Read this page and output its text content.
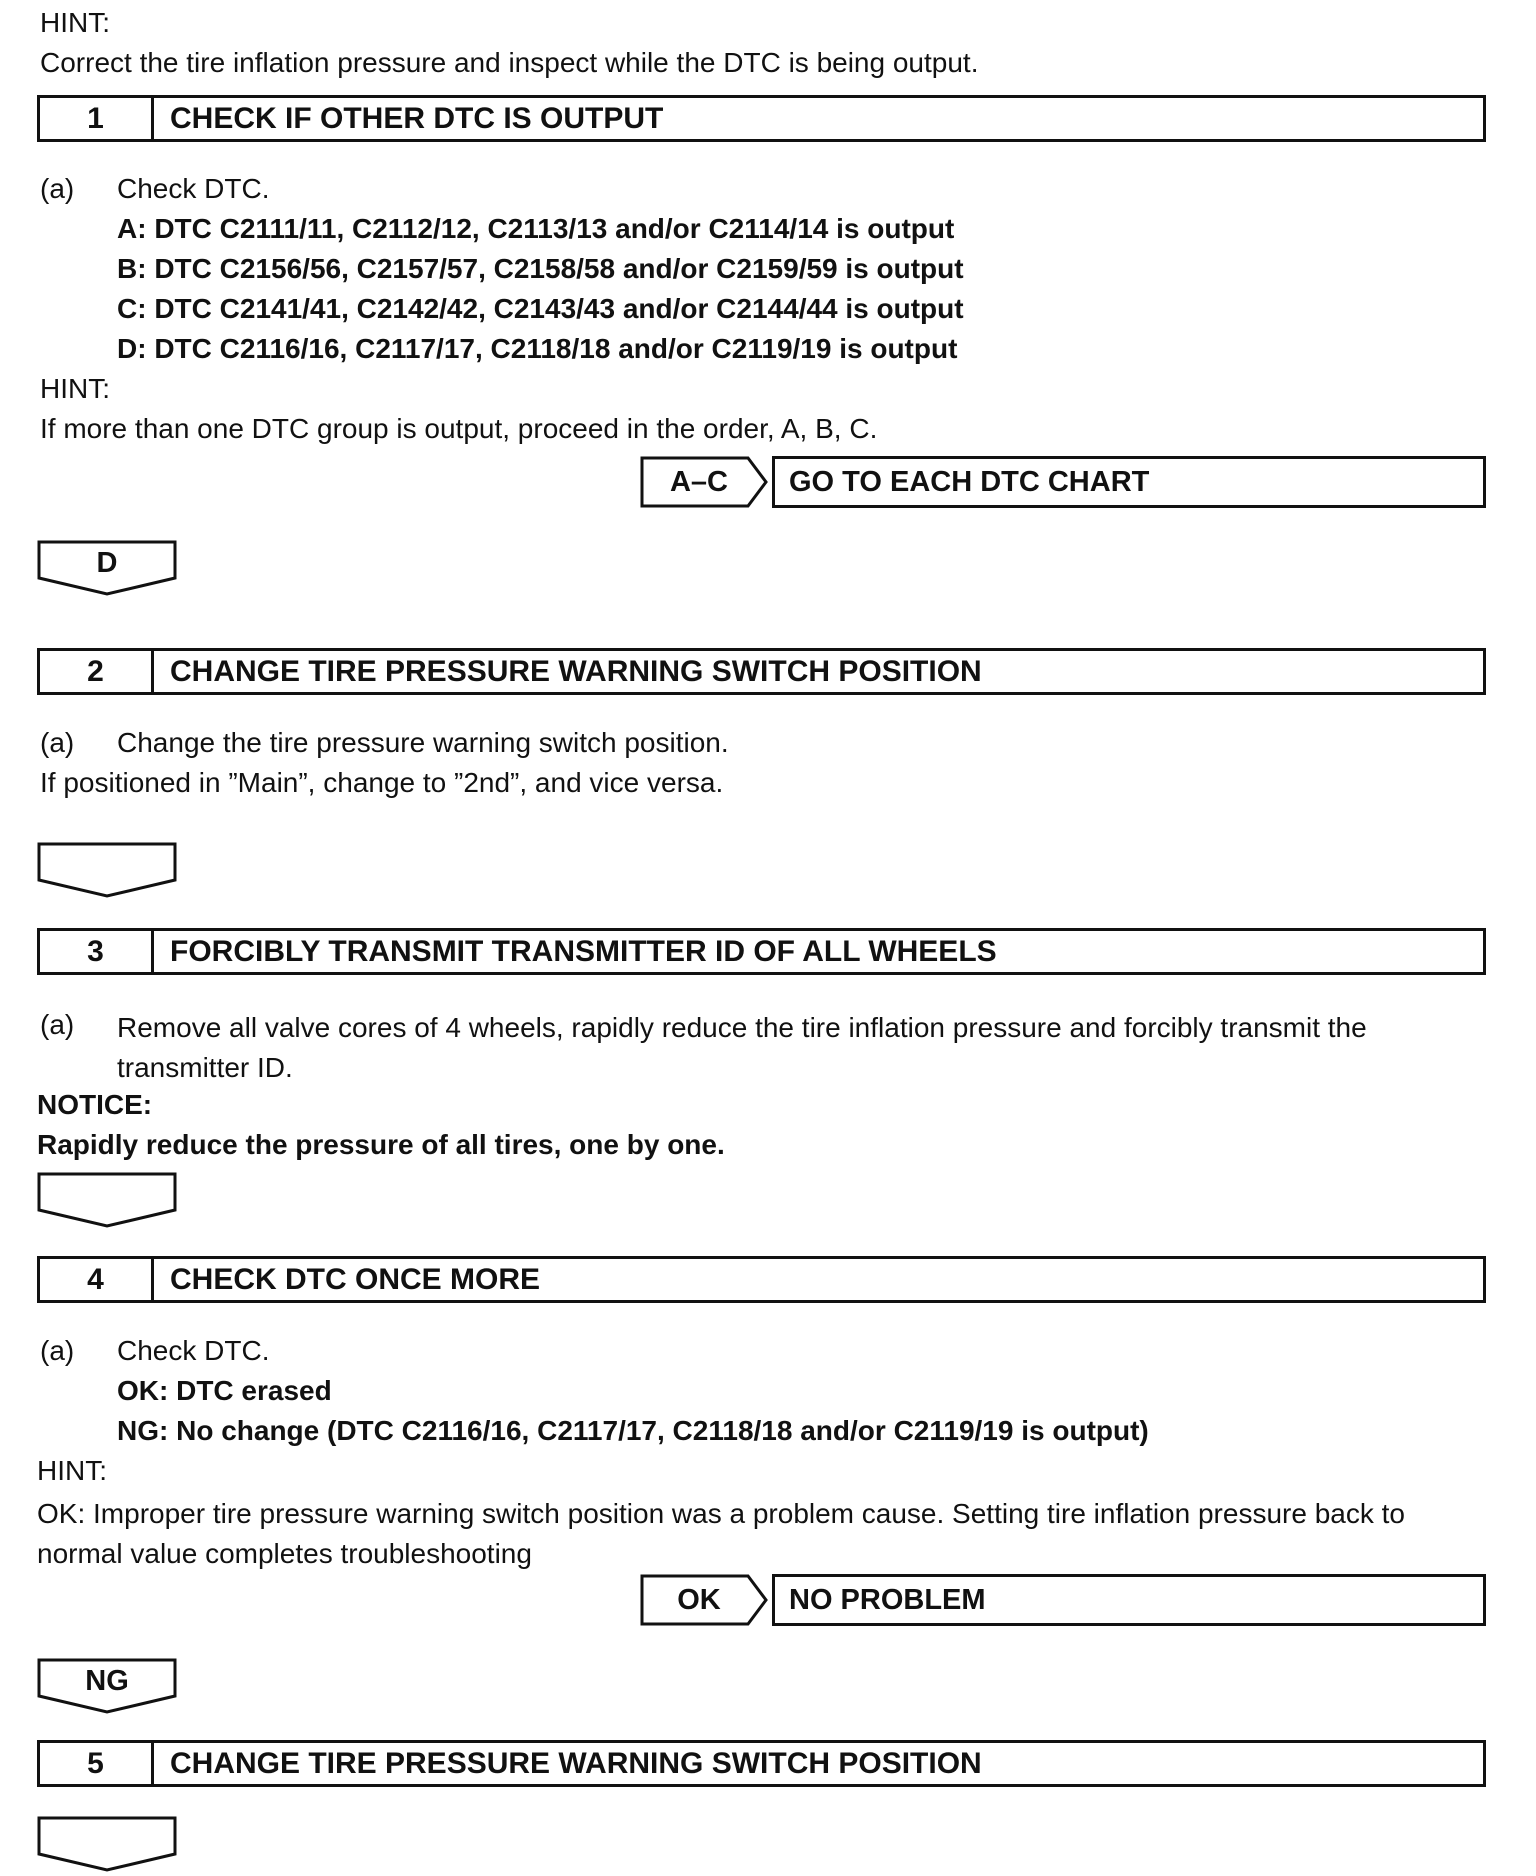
HINT:
Correct the tire inflation pressure and inspect while the DTC is being output.
1	CHECK IF OTHER DTC IS OUTPUT
(a) Check DTC.
A: DTC C2111/11, C2112/12, C2113/13 and/or C2114/14 is output
B: DTC C2156/56, C2157/57, C2158/58 and/or C2159/59 is output
C: DTC C2141/41, C2142/42, C2143/43 and/or C2144/44 is output
D: DTC C2116/16, C2117/17, C2118/18 and/or C2119/19 is output
HINT:
If more than one DTC group is output, proceed in the order, A, B, C.
A–C	GO TO EACH DTC CHART
D
2	CHANGE TIRE PRESSURE WARNING SWITCH POSITION
(a) Change the tire pressure warning switch position.
If positioned in ”Main”, change to ”2nd”, and vice versa.
3	FORCIBLY TRANSMIT TRANSMITTER ID OF ALL WHEELS
(a) Remove all valve cores of 4 wheels, rapidly reduce the tire inflation pressure and forcibly transmit the transmitter ID.
NOTICE:
Rapidly reduce the pressure of all tires, one by one.
4	CHECK DTC ONCE MORE
(a) Check DTC.
OK: DTC erased
NG: No change (DTC C2116/16, C2117/17, C2118/18 and/or C2119/19 is output)
HINT:
OK: Improper tire pressure warning switch position was a problem cause. Setting tire inflation pressure back to normal value completes troubleshooting
OK	NO PROBLEM
NG
5	CHANGE TIRE PRESSURE WARNING SWITCH POSITION
